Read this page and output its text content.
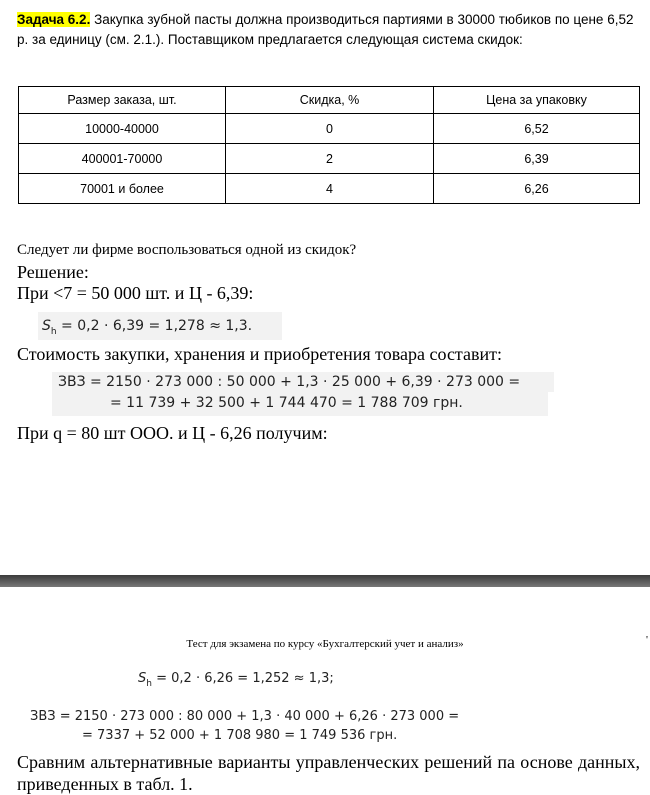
Задача 6.2. Закупка зубной пасты должна производиться партиями в 30000 тюбиков по цене 6,52 р. за единицу (см. 2.1.). Поставщиком предлагается следующая система скидок:
Размер заказа, шт.	Скидка, %	Цена за упаковку
10000-40000	0	6,52
400001-70000	2	6,39
70001 и более	4	6,26
Следует ли фирме воспользоваться одной из скидок?
Решение:
При <7 = 50 000 шт. и Ц - 6,39:
$S_h = 0,2 \cdot 6,39 = 1,278 \approx 1,3$.
Стоимость закупки, хранения и приобретения товара составит:
ЗВЗ = 2150 · 273 000 : 50 000 + 1,3 · 25 000 + 6,39 · 273 000 =
= 11 739 + 32 500 + 1 744 470 = 1 788 709 грн.
При q = 80 шт ООО. и Ц - 6,26 получим:
Тест для экзамена по курсу «Бухгалтерский учет и анализ»	'
$S_h = 0,2 \cdot 6,26 = 1,252 \approx 1,3$;
ЗВЗ = 2150 · 273 000 : 80 000 + 1,3 · 40 000 + 6,26 · 273 000 =
= 7337 + 52 000 + 1 708 980 = 1 749 536 грн.
Сравним альтернативные варианты управленческих решений па основе данных, приведенных в табл. 1.
